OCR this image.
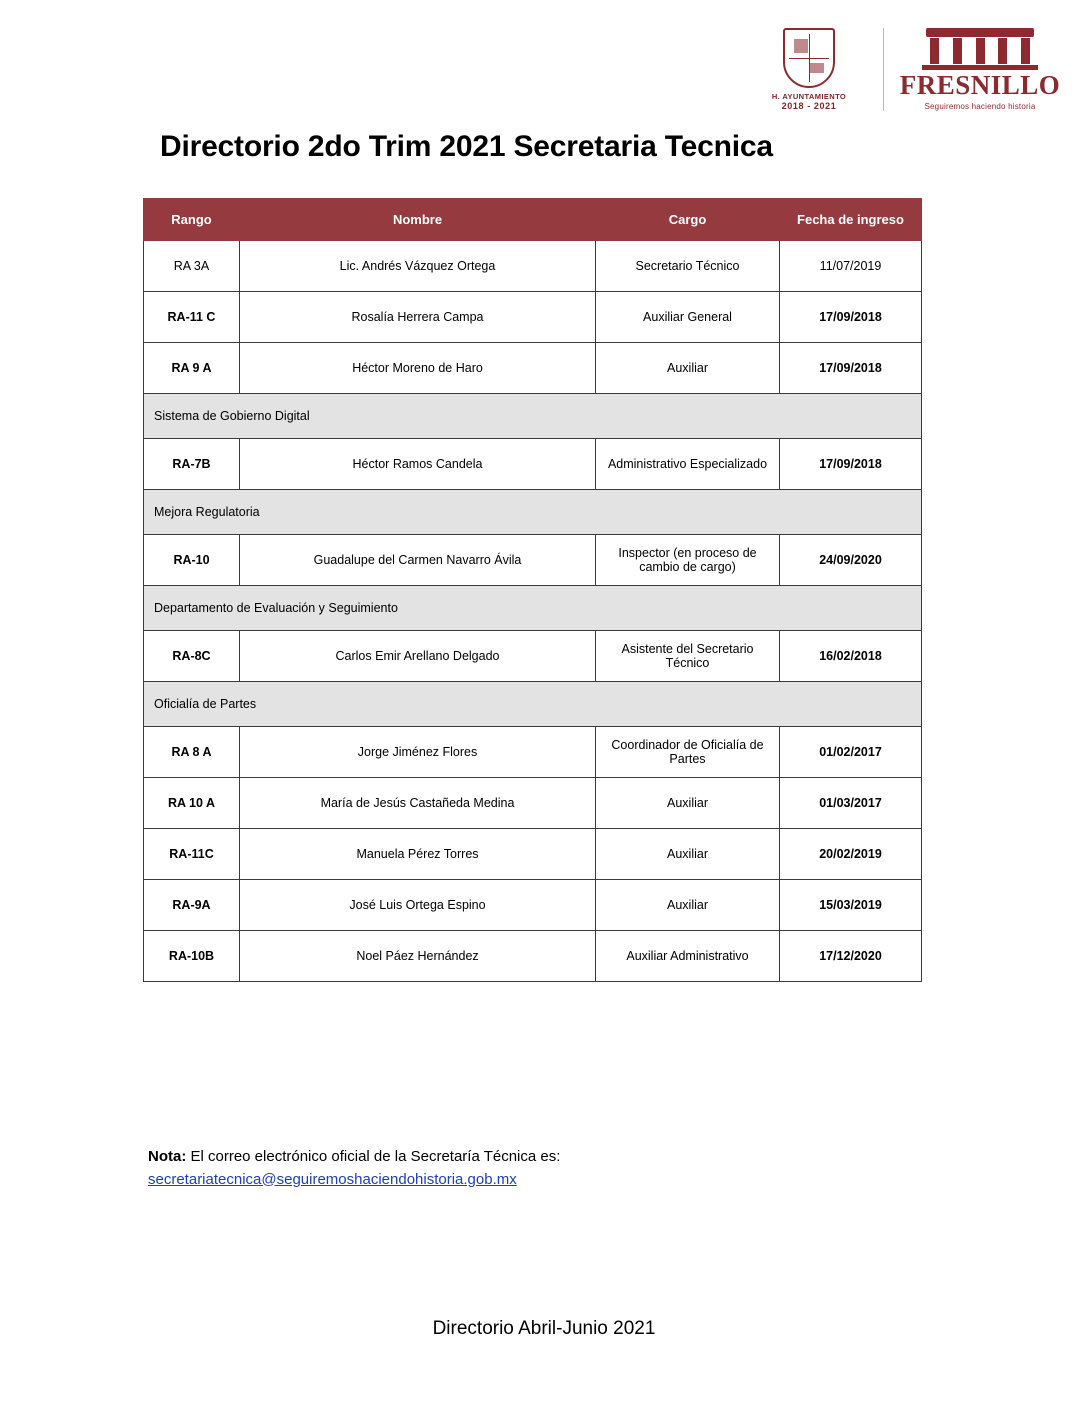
H. AYUNTAMIENTO
2018 - 2021
FRESNILLO
Seguiremos haciendo historia
Directorio 2do Trim 2021 Secretaria Tecnica
Rango	Nombre	Cargo	Fecha de ingreso
RA 3A	Lic. Andrés Vázquez Ortega	Secretario Técnico	11/07/2019
RA-11 C	Rosalía Herrera Campa	Auxiliar General	17/09/2018
RA 9 A	Héctor Moreno de Haro	Auxiliar	17/09/2018
Sistema de Gobierno Digital			
RA-7B	Héctor Ramos Candela	Administrativo Especializado	17/09/2018
Mejora Regulatoria			
RA-10	Guadalupe del Carmen Navarro Ávila	Inspector (en proceso de cambio de cargo)	24/09/2020
Departamento de Evaluación y Seguimiento			
RA-8C	Carlos Emir Arellano Delgado	Asistente del Secretario Técnico	16/02/2018
Oficialía de Partes			
RA 8 A	Jorge Jiménez Flores	Coordinador de Oficialía de Partes	01/02/2017
RA 10 A	María de Jesús Castañeda Medina	Auxiliar	01/03/2017
RA-11C	Manuela Pérez Torres	Auxiliar	20/02/2019
RA-9A	José Luis Ortega Espino	Auxiliar	15/03/2019
RA-10B	Noel Páez Hernández	Auxiliar Administrativo	17/12/2020
Nota: El correo electrónico oficial de la Secretaría Técnica es:
secretariatecnica@seguiremoshaciendohistoria.gob.mx
Directorio Abril-Junio 2021
